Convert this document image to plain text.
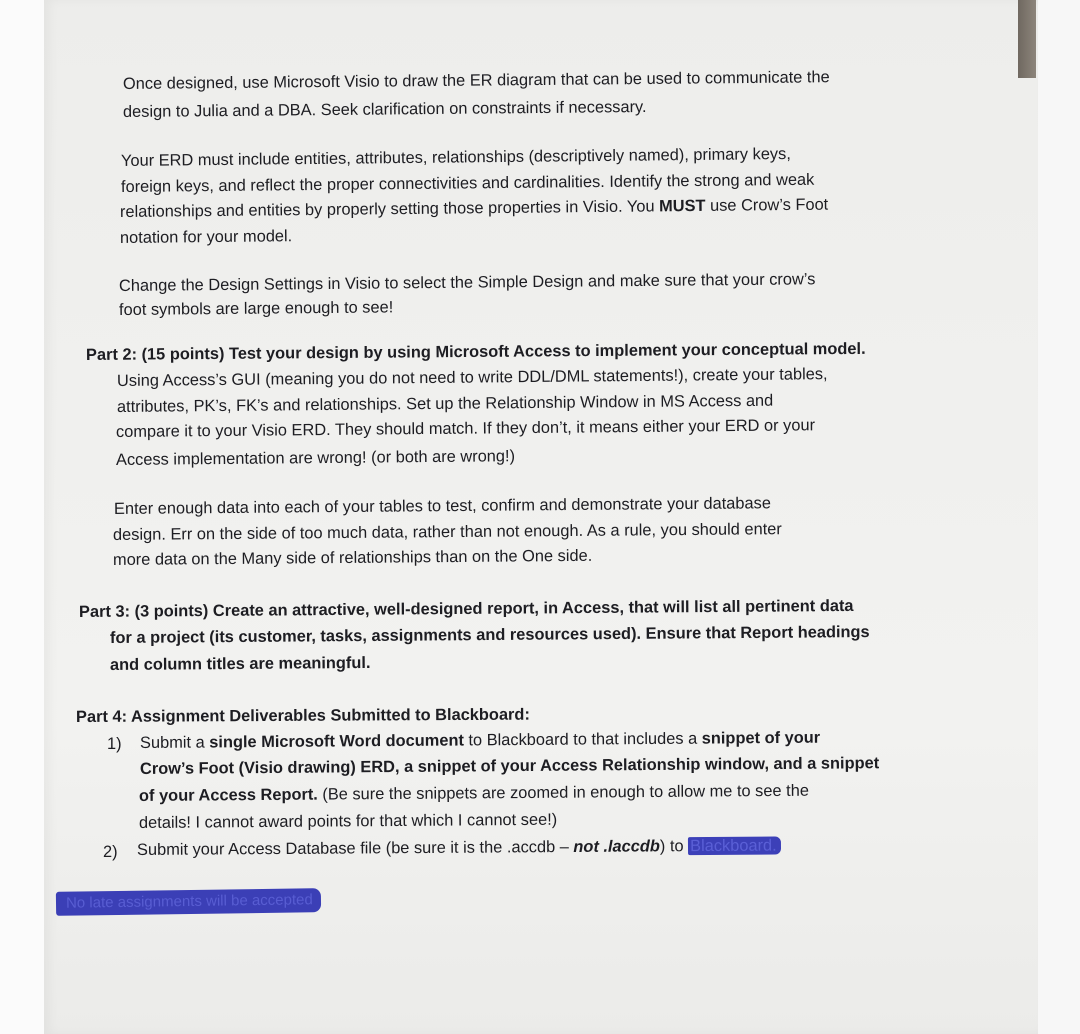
Once designed, use Microsoft Visio to draw the ER diagram that can be used to communicate the

design to Julia and a DBA. Seek clarification on constraints if necessary.

Your ERD must include entities, attributes, relationships (descriptively named), primary keys,

foreign keys, and reflect the proper connectivities and cardinalities. Identify the strong and weak

relationships and entities by properly setting those properties in Visio. You MUST use Crow’s Foot

notation for your model.

Change the Design Settings in Visio to select the Simple Design and make sure that your crow’s

foot symbols are large enough to see!

Part 2: (15 points) Test your design by using Microsoft Access to implement your conceptual model.

Using Access’s GUI (meaning you do not need to write DDL/DML statements!), create your tables,

attributes, PK’s, FK’s and relationships. Set up the Relationship Window in MS Access and

compare it to your Visio ERD. They should match. If they don’t, it means either your ERD or your

Access implementation are wrong! (or both are wrong!)

Enter enough data into each of your tables to test, confirm and demonstrate your database

design. Err on the side of too much data, rather than not enough. As a rule, you should enter

more data on the Many side of relationships than on the One side.

Part 3: (3 points) Create an attractive, well-designed report, in Access, that will list all pertinent data

for a project (its customer, tasks, assignments and resources used). Ensure that Report headings

and column titles are meaningful.

Part 4: Assignment Deliverables Submitted to Blackboard:

1) Submit a single Microsoft Word document to Blackboard to that includes a snippet of your

Crow’s Foot (Visio drawing) ERD, a snippet of your Access Relationship window, and a snippet

of your Access Report. (Be sure the snippets are zoomed in enough to allow me to see the

details! I cannot award points for that which I cannot see!)

2) Submit your Access Database file (be sure it is the .accdb – not .laccdb) to Blackboard.

No late assignments will be accepted
